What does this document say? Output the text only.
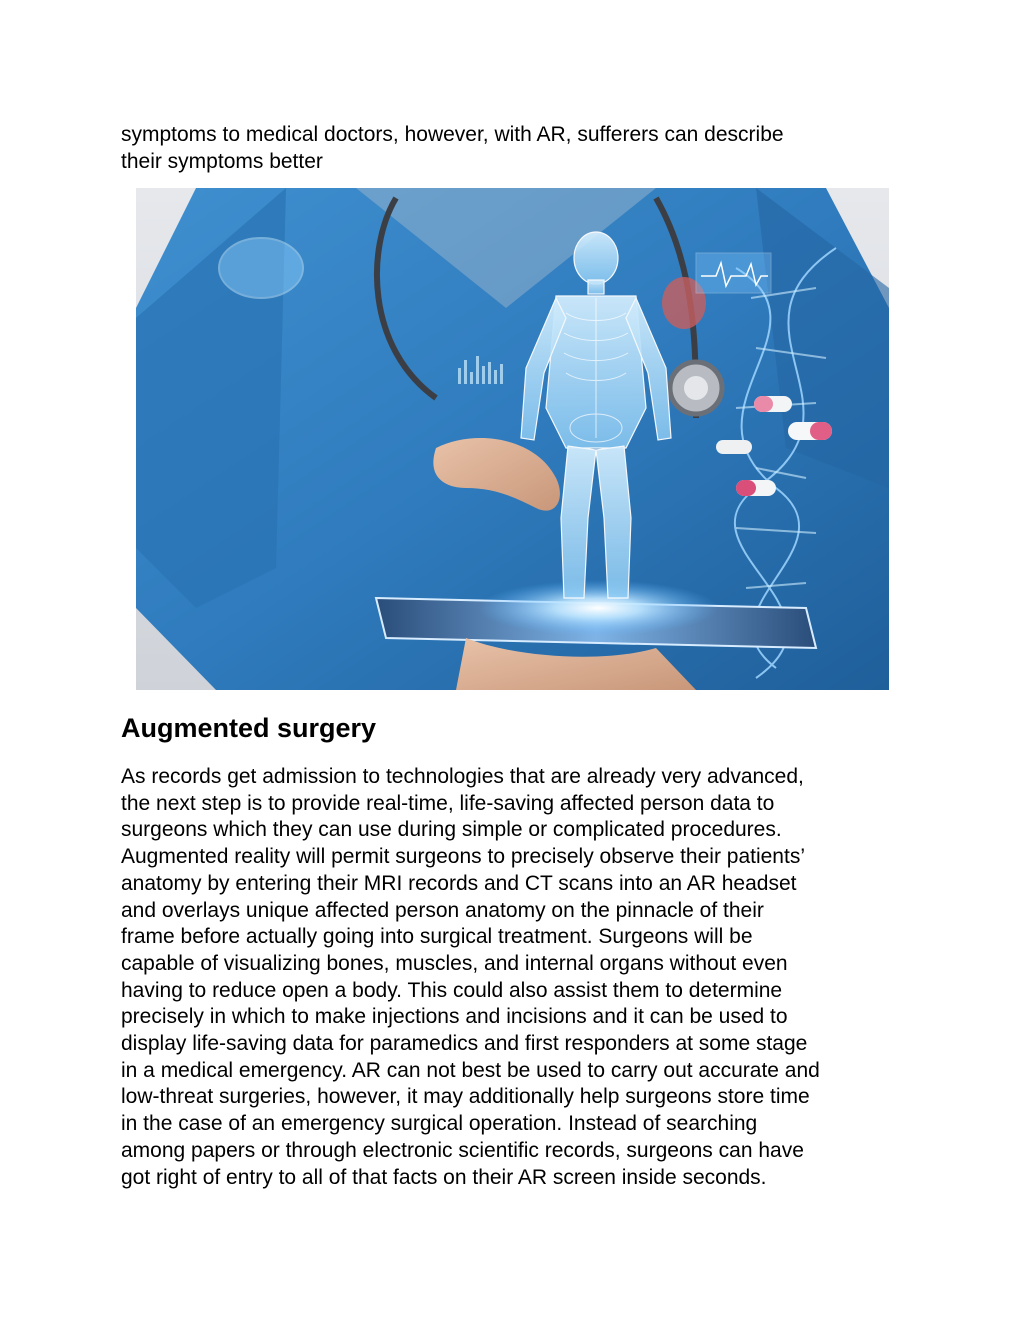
symptoms to medical doctors, however, with AR, sufferers can describe
their symptoms better
Augmented surgery
As records get admission to technologies that are already very advanced,
the next step is to provide real-time, life-saving affected person data to
surgeons which they can use during simple or complicated procedures.
Augmented reality will permit surgeons to precisely observe their patients’
anatomy by entering their MRI records and CT scans into an AR headset
and overlays unique affected person anatomy on the pinnacle of their
frame before actually going into surgical treatment. Surgeons will be
capable of visualizing bones, muscles, and internal organs without even
having to reduce open a body. This could also assist them to determine
precisely in which to make injections and incisions and it can be used to
display life-saving data for paramedics and first responders at some stage
in a medical emergency. AR can not best be used to carry out accurate and
low-threat surgeries, however, it may additionally help surgeons store time
in the case of an emergency surgical operation. Instead of searching
among papers or through electronic scientific records, surgeons can have
got right of entry to all of that facts on their AR screen inside seconds.
